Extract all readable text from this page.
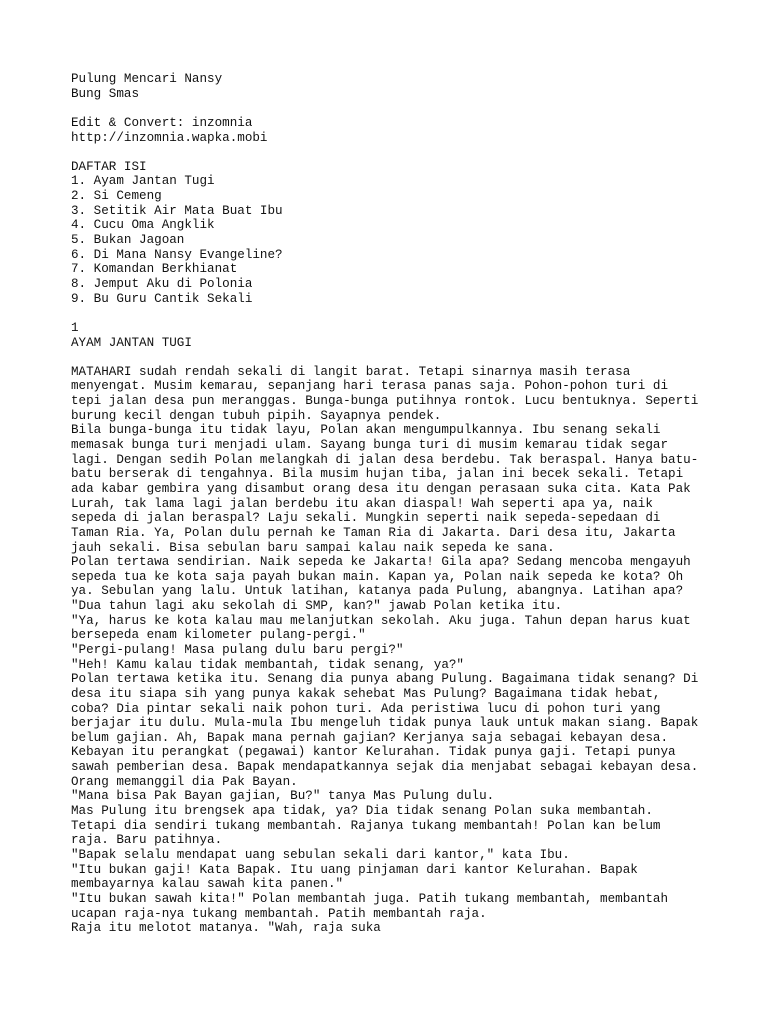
Pulung Mencari Nansy
Bung Smas
Edit & Convert: inzomnia
http://inzomnia.wapka.mobi
DAFTAR ISI
1. Ayam Jantan Tugi
2. Si Cemeng
3. Setitik Air Mata Buat Ibu
4. Cucu Oma Angklik
5. Bukan Jagoan
6. Di Mana Nansy Evangeline?
7. Komandan Berkhianat
8. Jemput Aku di Polonia
9. Bu Guru Cantik Sekali
1
AYAM JANTAN TUGI
MATAHARI sudah rendah sekali di langit barat. Tetapi sinarnya masih terasa
menyengat. Musim kemarau, sepanjang hari terasa panas saja. Pohon-pohon turi di
tepi jalan desa pun meranggas. Bunga-bunga putihnya rontok. Lucu bentuknya. Seperti
burung kecil dengan tubuh pipih. Sayapnya pendek.
Bila bunga-bunga itu tidak layu, Polan akan mengumpulkannya. Ibu senang sekali
memasak bunga turi menjadi ulam. Sayang bunga turi di musim kemarau tidak segar
lagi. Dengan sedih Polan melangkah di jalan desa berdebu. Tak beraspal. Hanya batu-
batu berserak di tengahnya. Bila musim hujan tiba, jalan ini becek sekali. Tetapi
ada kabar gembira yang disambut orang desa itu dengan perasaan suka cita. Kata Pak
Lurah, tak lama lagi jalan berdebu itu akan diaspal! Wah seperti apa ya, naik
sepeda di jalan beraspal? Laju sekali. Mungkin seperti naik sepeda-sepedaan di
Taman Ria. Ya, Polan dulu pernah ke Taman Ria di Jakarta. Dari desa itu, Jakarta
jauh sekali. Bisa sebulan baru sampai kalau naik sepeda ke sana.
Polan tertawa sendirian. Naik sepeda ke Jakarta! Gila apa? Sedang mencoba mengayuh
sepeda tua ke kota saja payah bukan main. Kapan ya, Polan naik sepeda ke kota? Oh
ya. Sebulan yang lalu. Untuk latihan, katanya pada Pulung, abangnya. Latihan apa?
"Dua tahun lagi aku sekolah di SMP, kan?" jawab Polan ketika itu.
"Ya, harus ke kota kalau mau melanjutkan sekolah. Aku juga. Tahun depan harus kuat
bersepeda enam kilometer pulang-pergi."
"Pergi-pulang! Masa pulang dulu baru pergi?"
"Heh! Kamu kalau tidak membantah, tidak senang, ya?"
Polan tertawa ketika itu. Senang dia punya abang Pulung. Bagaimana tidak senang? Di
desa itu siapa sih yang punya kakak sehebat Mas Pulung? Bagaimana tidak hebat,
coba? Dia pintar sekali naik pohon turi. Ada peristiwa lucu di pohon turi yang
berjajar itu dulu. Mula-mula Ibu mengeluh tidak punya lauk untuk makan siang. Bapak
belum gajian. Ah, Bapak mana pernah gajian? Kerjanya saja sebagai kebayan desa.
Kebayan itu perangkat (pegawai) kantor Kelurahan. Tidak punya gaji. Tetapi punya
sawah pemberian desa. Bapak mendapatkannya sejak dia menjabat sebagai kebayan desa.
Orang memanggil dia Pak Bayan.
"Mana bisa Pak Bayan gajian, Bu?" tanya Mas Pulung dulu.
Mas Pulung itu brengsek apa tidak, ya? Dia tidak senang Polan suka membantah.
Tetapi dia sendiri tukang membantah. Rajanya tukang membantah! Polan kan belum
raja. Baru patihnya.
"Bapak selalu mendapat uang sebulan sekali dari kantor," kata Ibu.
"Itu bukan gaji! Kata Bapak. Itu uang pinjaman dari kantor Kelurahan. Bapak
membayarnya kalau sawah kita panen."
"Itu bukan sawah kita!" Polan membantah juga. Patih tukang membantah, membantah
ucapan raja-nya tukang membantah. Patih membantah raja.
Raja itu melotot matanya. "Wah, raja suka
